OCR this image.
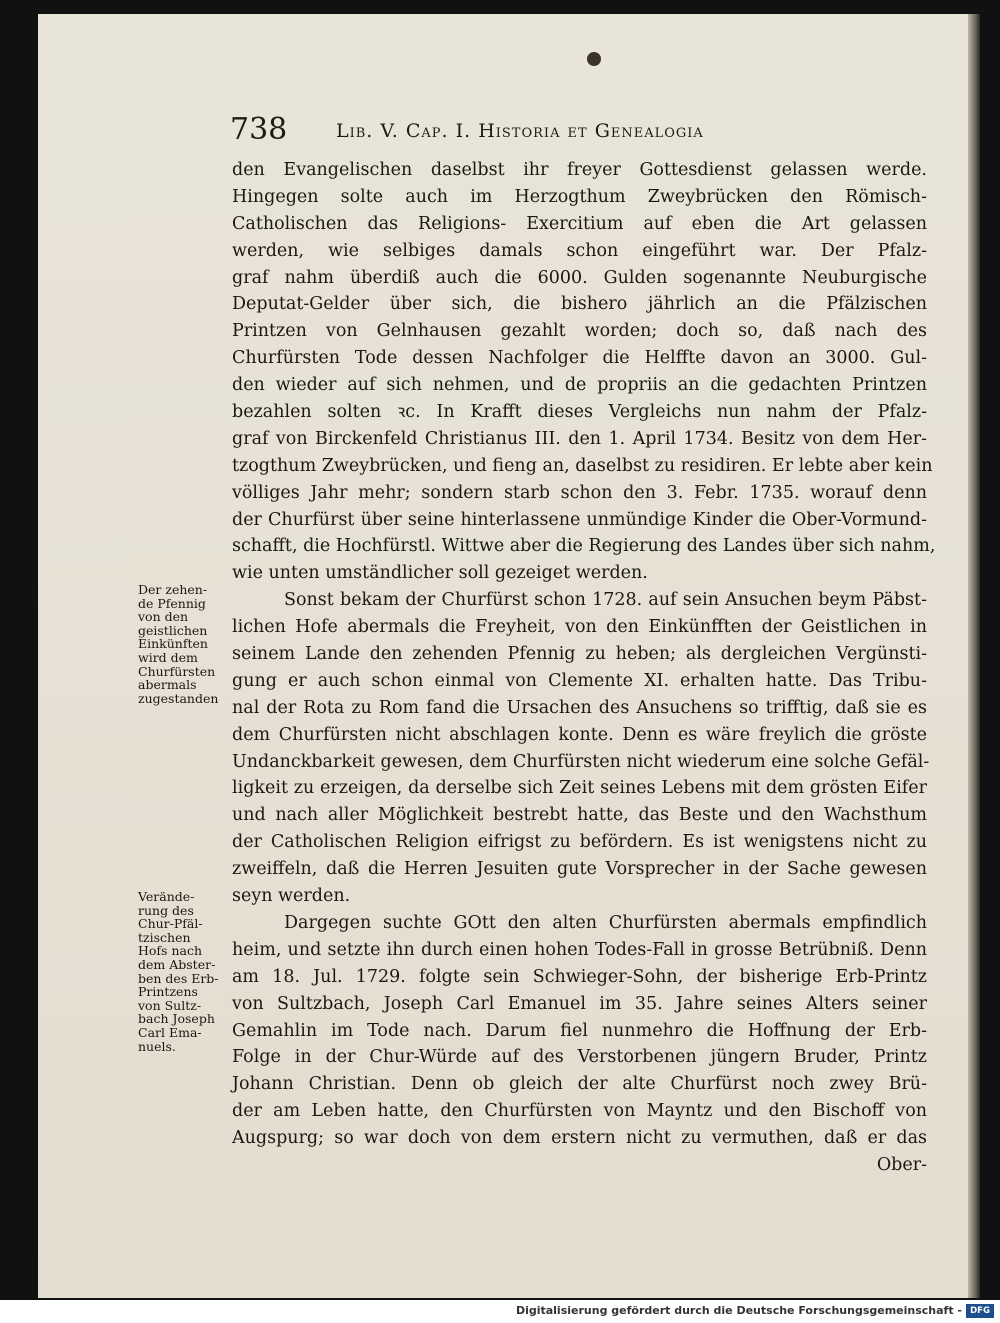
738	Lib. V. Cap. I. Historia et Genealogia
den Evangelischen daselbst ihr freyer Gottesdienst gelassen werde.
Hingegen solte auch im Herzogthum Zweybrücken den Römisch-
Catholischen das Religions- Exercitium auf eben die Art gelassen
werden, wie selbiges damals schon eingeführt war. Der Pfalz-
graf nahm überdiß auch die 6000. Gulden sogenannte Neuburgische
Deputat-Gelder über sich, die bishero jährlich an die Pfälzischen
Printzen von Gelnhausen gezahlt worden; doch so, daß nach des
Churfürsten Tode dessen Nachfolger die Helffte davon an 3000. Gul-
den wieder auf sich nehmen, und de propriis an die gedachten Printzen
bezahlen solten ꝛc. In Krafft dieses Vergleichs nun nahm der Pfalz-
graf von Birckenfeld Christianus III. den 1. April 1734. Besitz von dem Her-
tzogthum Zweybrücken, und fieng an, daselbst zu residiren. Er lebte aber kein
völliges Jahr mehr; sondern starb schon den 3. Febr. 1735. worauf denn
der Churfürst über seine hinterlassene unmündige Kinder die Ober-Vormund-
schafft, die Hochfürstl. Wittwe aber die Regierung des Landes über sich nahm,
wie unten umständlicher soll gezeiget werden.
Sonst bekam der Churfürst schon 1728. auf sein Ansuchen beym Päbst-
lichen Hofe abermals die Freyheit, von den Einkünfften der Geistlichen in
seinem Lande den zehenden Pfennig zu heben; als dergleichen Vergünsti-
gung er auch schon einmal von Clemente XI. erhalten hatte. Das Tribu-
nal der Rota zu Rom fand die Ursachen des Ansuchens so trifftig, daß sie es
dem Churfürsten nicht abschlagen konte. Denn es wäre freylich die gröste
Undanckbarkeit gewesen, dem Churfürsten nicht wiederum eine solche Gefäl-
ligkeit zu erzeigen, da derselbe sich Zeit seines Lebens mit dem grösten Eifer
und nach aller Möglichkeit bestrebt hatte, das Beste und den Wachsthum
der Catholischen Religion eifrigst zu befördern. Es ist wenigstens nicht zu
zweiffeln, daß die Herren Jesuiten gute Vorsprecher in der Sache gewesen
seyn werden.
Dargegen suchte GOtt den alten Churfürsten abermals empfindlich
heim, und setzte ihn durch einen hohen Todes-Fall in grosse Betrübniß. Denn
am 18. Jul. 1729. folgte sein Schwieger-Sohn, der bisherige Erb-Printz
von Sultzbach, Joseph Carl Emanuel im 35. Jahre seines Alters seiner
Gemahlin im Tode nach. Darum fiel nunmehro die Hoffnung der Erb-
Folge in der Chur-Würde auf des Verstorbenen jüngern Bruder, Printz
Johann Christian. Denn ob gleich der alte Churfürst noch zwey Brü-
der am Leben hatte, den Churfürsten von Mayntz und den Bischoff von
Augspurg; so war doch von dem erstern nicht zu vermuthen, daß er das
Ober-
Der zehen-
de Pfennig
von den
geistlichen
Einkünften
wird dem
Churfürsten
abermals
zugestanden
Verände-
rung des
Chur-Pfäl-
tzischen
Hofs nach
dem Abster-
ben des Erb-
Printzens
von Sultz-
bach Joseph
Carl Ema-
nuels.
Digitalisierung gefördert durch die Deutsche Forschungsgemeinschaft - DFG
